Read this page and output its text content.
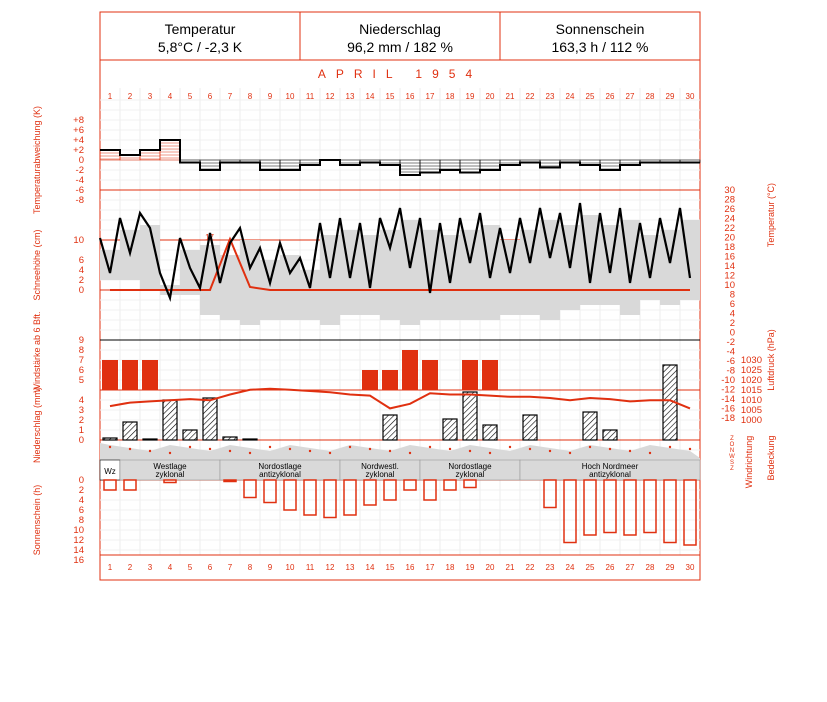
Temperatur
5,8°C / -2,3 K
Niederschlag
96,2 mm / 182 %
Sonnenschein
163,3 h / 112 %
APRIL 1954
1 2 3 4 5 6 7 8 9 10 11 12 13 14 15 16 17 18 19 20 21 22 23 24 25 26 27 28 29 30
1 2 3 4 5 6 7 8 9 10 11 12 13 14 15 16 17 18 19 20 21 22 23 24 25 26 27 28 29 30
17
Wz
Westlage
zyklonal
Nordostlage
antizyklonal
Nordwestl.
zyklonal
Nordostlage
zyklonal
Hoch Nordmeer
antizyklonal
+8
+6
+4
+2
0
-2
-4
-6
-8
10
6
4
2
0
9
8
7
6
5
4
3
2
1
0
0
2
4
6
8
10
12
14
16
30
28
26
24
22
20
18
16
14
12
10
8
6
4
2
0
-2
-4
-6
-8
-10
-12
-14
-16
-18
1030
1025
1020
1015
1010
1005
1000
Z
S
W
N
O
Z
Temperaturabweichung (K)
Schneehöhe (cm)
Windstärke ab 6 Bft.
Niederschlag (mm)
Sonnenschein (h)
Temperatur (°C)
Luftdruck (hPa)
Windrichtung Bedeckung
